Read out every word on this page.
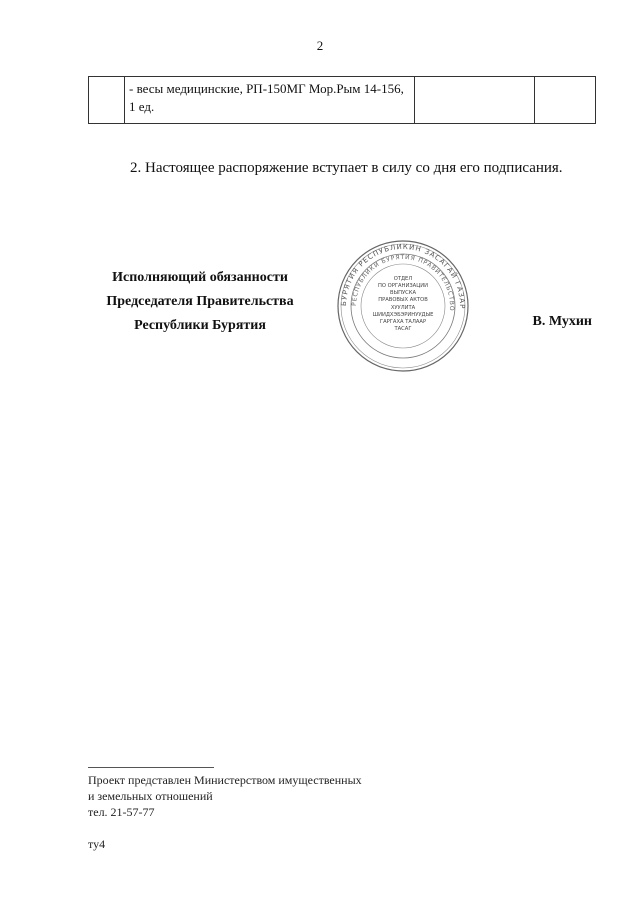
2

- весы медицинские, РП-150МГ Мор.Рым 14-156,
1 ед.

2. Настоящее распоряжение вступает в силу со дня его подписания.
Исполняющий обязанности
Председателя Правительства
Республики Бурятия
БУРЯТИЯ РЕСПУБЛИКИН ЗАСАГАЙ ГАЗАР
РЕСПУБЛИКИ БУРЯТИЯ ПРАВИТЕЛЬСТВО
ОТДЕЛ
ПО ОРГАНИЗАЦИИ
ВЫПУСКА
ПРАВОВЫХ АКТОВ
ХУУЛИТА
ШИИДХЭБЭРИНУУДЫЕ
ГАРГАХА ТАЛААР
ТАСАГ	В. Мухин
Проект представлен Министерством имущественных
и земельных отношений
тел. 21-57-77
ту4
